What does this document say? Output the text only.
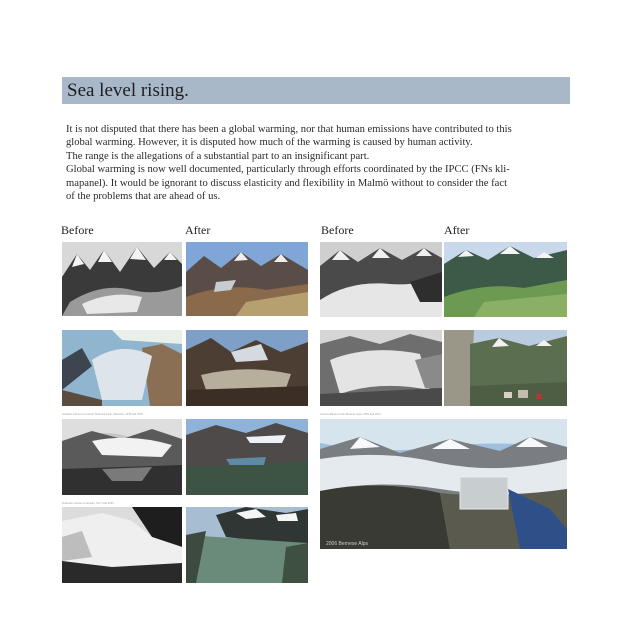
Sea level rising.

It is not disputed that there has been a global warming, nor that human emissions have contributed to this

global warming. However, it is disputed how much of the warming is caused by human activity.

The range is the allegations of a substantial part to an insignificant part.

Global warming is now well documented, particularly through efforts coordinated by the IPCC (FNs kli-

mapanel). It would be ignorant to discuss elasticity and flexibility in Malmö without to consider the fact

of the problems that are ahead of us.

Before	After	Before	After
Grinnell Glacier in Glacier National Park, Montana, 1938 and 2005
Pedersen Glacier in Alaska, 1917 and 2005
Glacier Rhone in the Bernese Alps, 1859 and 2001
2006 Bernese Alps
